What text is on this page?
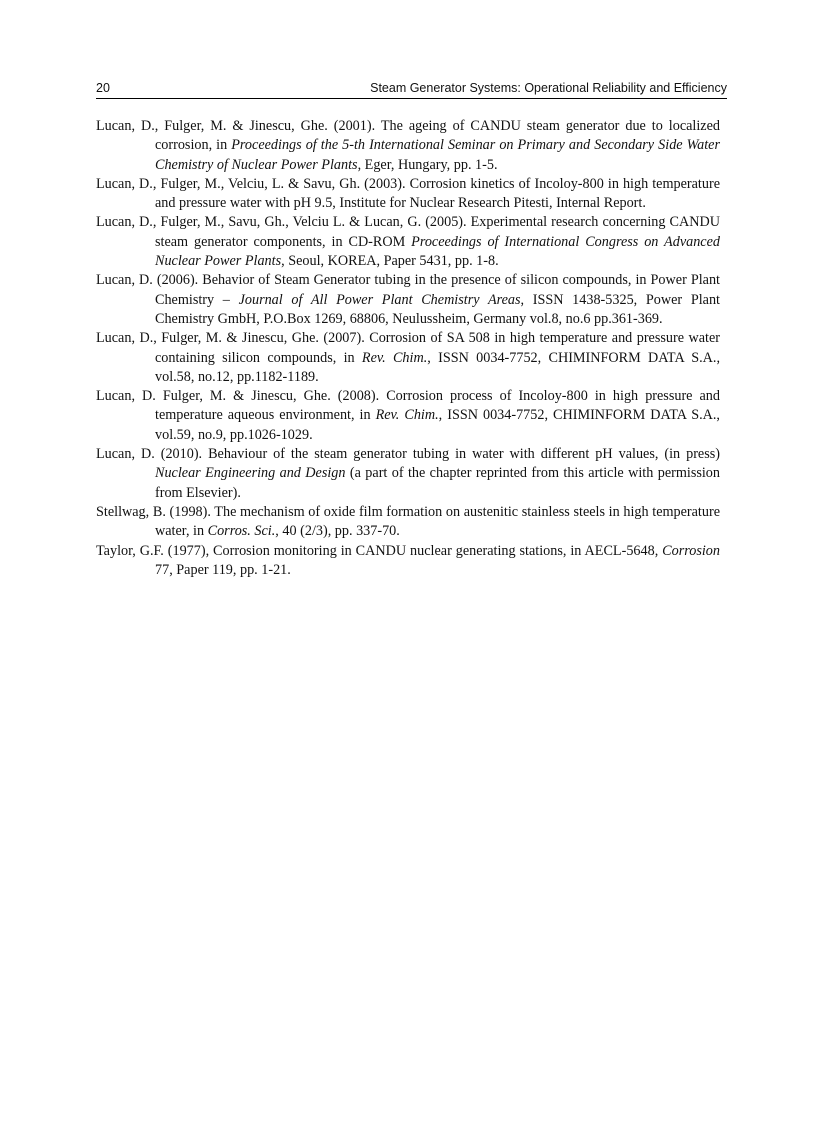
20	Steam Generator Systems: Operational Reliability and Efficiency

Lucan, D., Fulger, M. & Jinescu, Ghe. (2001). The ageing of CANDU steam generator due to localized corrosion, in Proceedings of the 5-th International Seminar on Primary and Secondary Side Water Chemistry of Nuclear Power Plants, Eger, Hungary, pp. 1-5.

Lucan, D., Fulger, M., Velciu, L. & Savu, Gh. (2003). Corrosion kinetics of Incoloy-800 in high temperature and pressure water with pH 9.5, Institute for Nuclear Research Pitesti, Internal Report.

Lucan, D., Fulger, M., Savu, Gh., Velciu L. & Lucan, G. (2005). Experimental research concerning CANDU steam generator components, in CD-ROM Proceedings of International Congress on Advanced Nuclear Power Plants, Seoul, KOREA, Paper 5431, pp. 1-8.

Lucan, D. (2006). Behavior of Steam Generator tubing in the presence of silicon compounds, in Power Plant Chemistry – Journal of All Power Plant Chemistry Areas, ISSN 1438-5325, Power Plant Chemistry GmbH, P.O.Box 1269, 68806, Neulussheim, Germany vol.8, no.6 pp.361-369.

Lucan, D., Fulger, M. & Jinescu, Ghe. (2007). Corrosion of SA 508 in high temperature and pressure water containing silicon compounds, in Rev. Chim., ISSN 0034-7752, CHIMINFORM DATA S.A., vol.58, no.12, pp.1182-1189.

Lucan, D. Fulger, M. & Jinescu, Ghe. (2008). Corrosion process of Incoloy-800 in high pressure and temperature aqueous environment, in Rev. Chim., ISSN 0034-7752, CHIMINFORM DATA S.A., vol.59, no.9, pp.1026-1029.

Lucan, D. (2010). Behaviour of the steam generator tubing in water with different pH values, (in press) Nuclear Engineering and Design (a part of the chapter reprinted from this article with permission from Elsevier).

Stellwag, B. (1998). The mechanism of oxide film formation on austenitic stainless steels in high temperature water, in Corros. Sci., 40 (2/3), pp. 337-70.

Taylor, G.F. (1977), Corrosion monitoring in CANDU nuclear generating stations, in AECL-5648, Corrosion 77, Paper 119, pp. 1-21.
